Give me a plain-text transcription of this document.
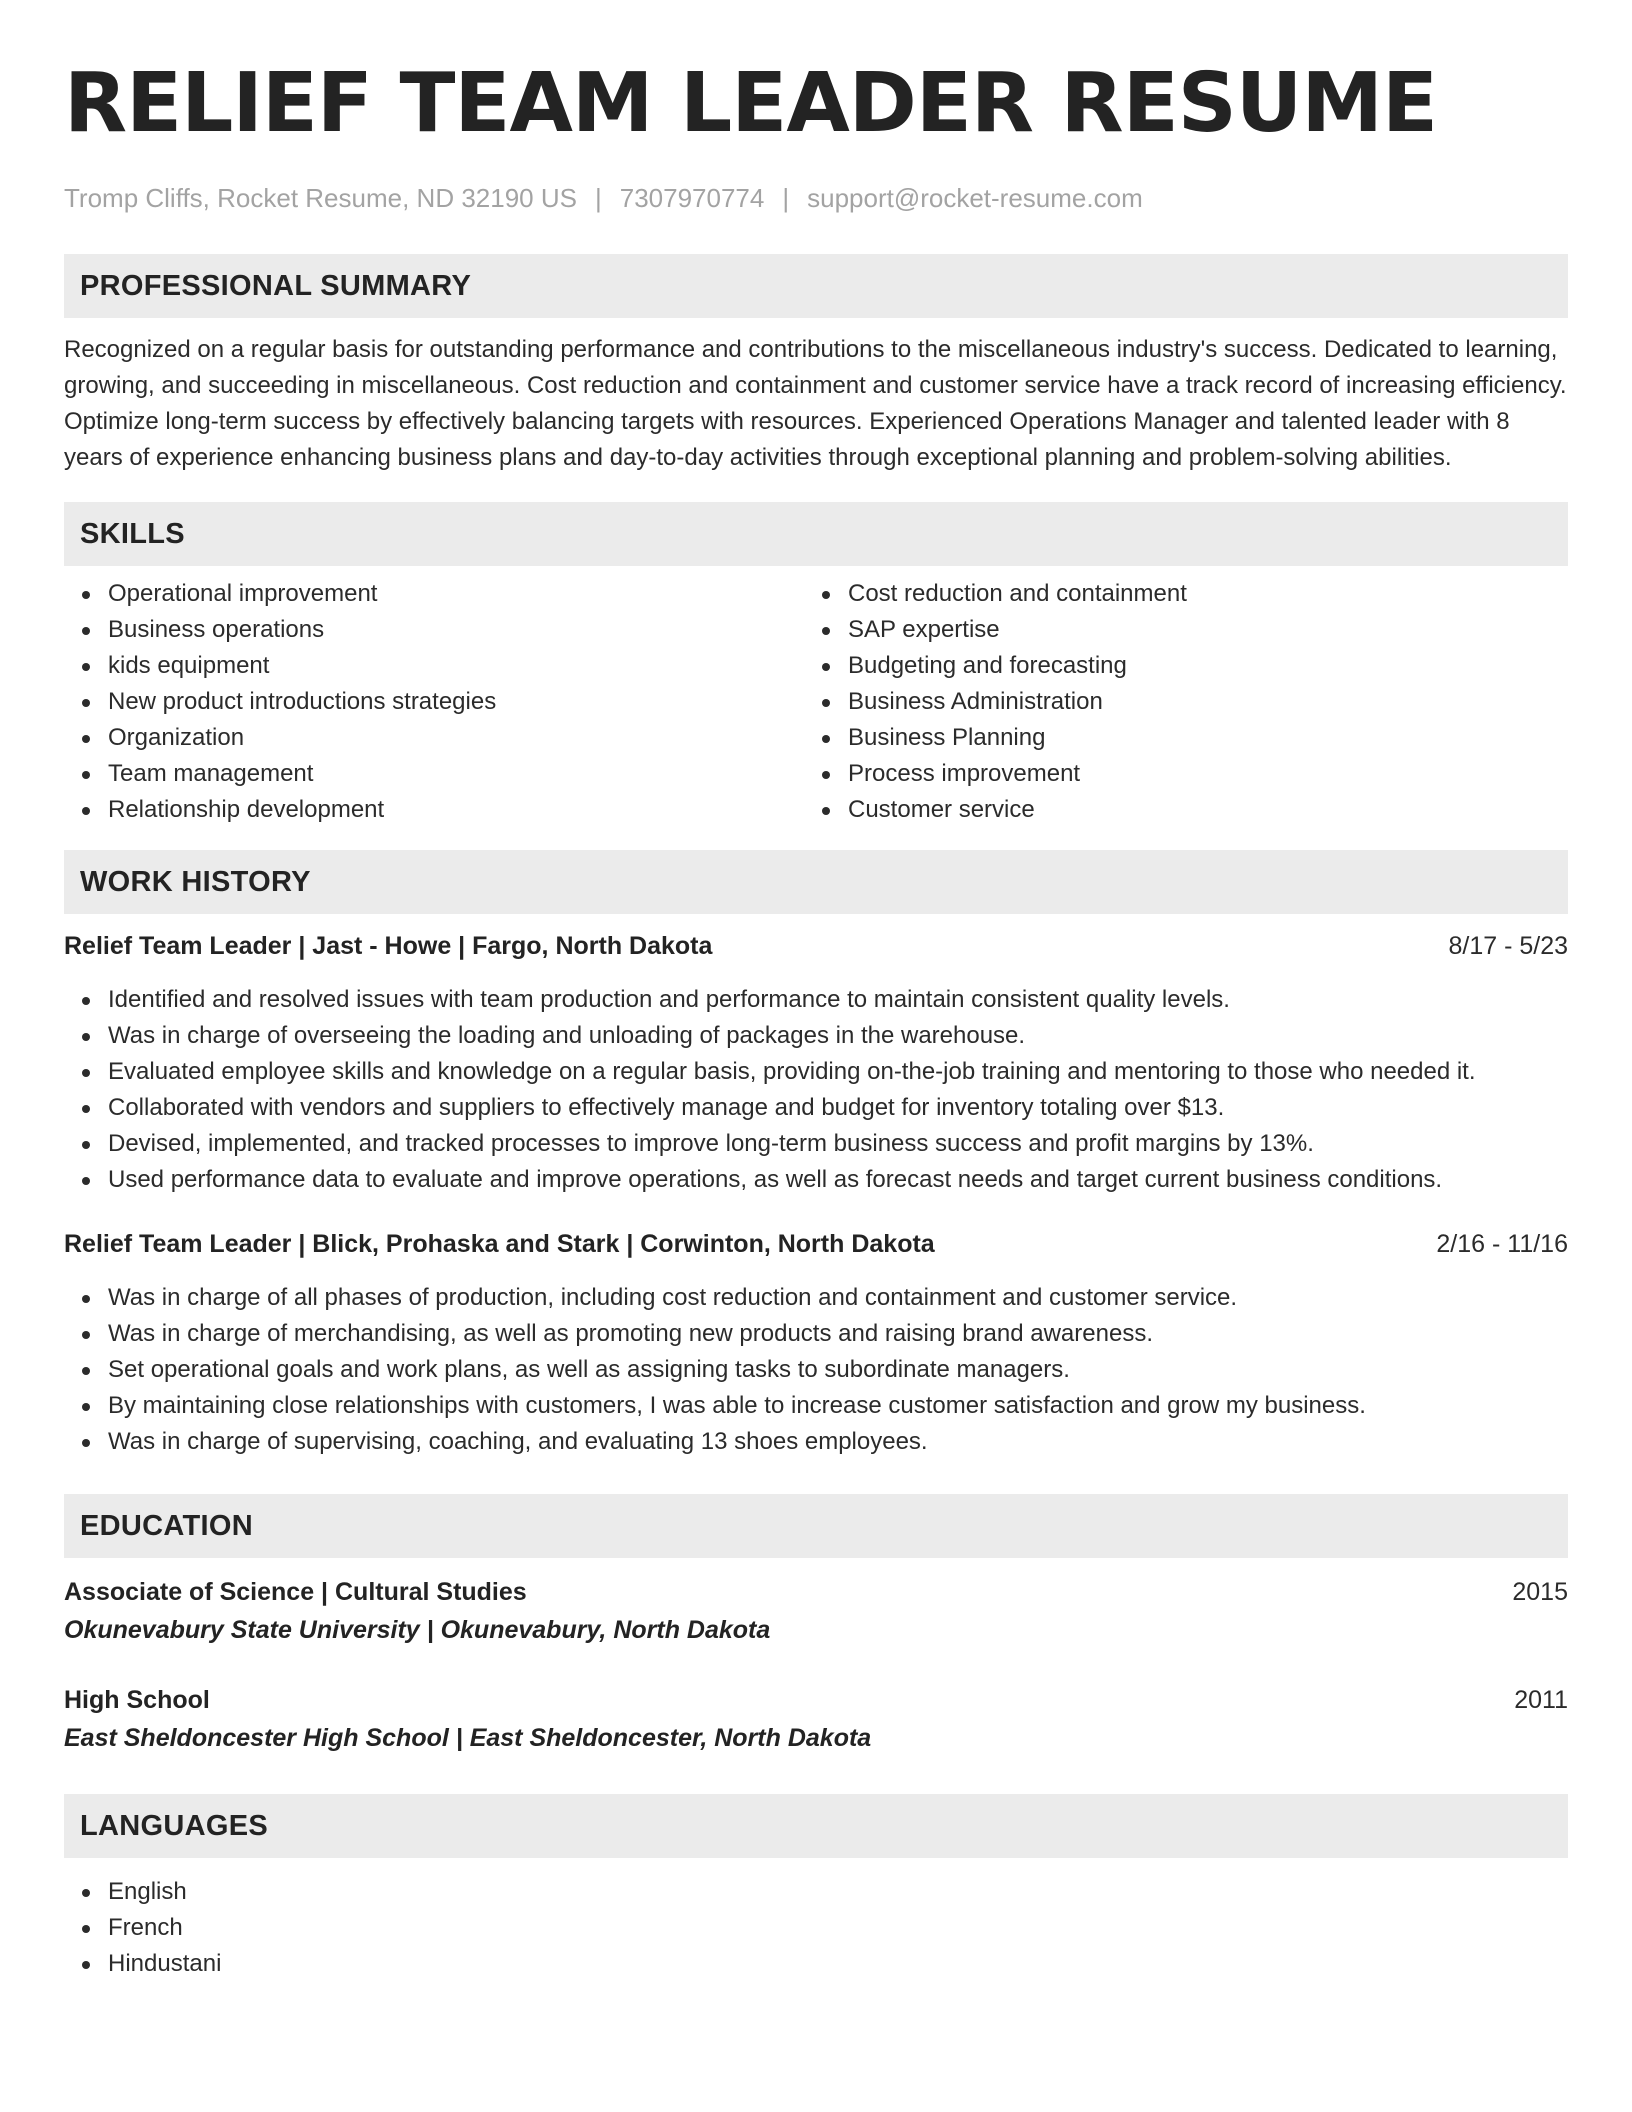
RELIEF TEAM LEADER RESUME
Tromp Cliffs, Rocket Resume, ND 32190 US | 7307970774 | support@rocket-resume.com
PROFESSIONAL SUMMARY
Recognized on a regular basis for outstanding performance and contributions to the miscellaneous industry's success. Dedicated to learning, growing, and succeeding in miscellaneous. Cost reduction and containment and customer service have a track record of increasing efficiency. Optimize long-term success by effectively balancing targets with resources. Experienced Operations Manager and talented leader with 8 years of experience enhancing business plans and day-to-day activities through exceptional planning and problem-solving abilities.
SKILLS
Operational improvement
Business operations
kids equipment
New product introductions strategies
Organization
Team management
Relationship development
Cost reduction and containment
SAP expertise
Budgeting and forecasting
Business Administration
Business Planning
Process improvement
Customer service
WORK HISTORY
Relief Team Leader | Jast - Howe | Fargo, North Dakota	8/17 - 5/23
Identified and resolved issues with team production and performance to maintain consistent quality levels.
Was in charge of overseeing the loading and unloading of packages in the warehouse.
Evaluated employee skills and knowledge on a regular basis, providing on-the-job training and mentoring to those who needed it.
Collaborated with vendors and suppliers to effectively manage and budget for inventory totaling over $13.
Devised, implemented, and tracked processes to improve long-term business success and profit margins by 13%.
Used performance data to evaluate and improve operations, as well as forecast needs and target current business conditions.
Relief Team Leader | Blick, Prohaska and Stark | Corwinton, North Dakota	2/16 - 11/16
Was in charge of all phases of production, including cost reduction and containment and customer service.
Was in charge of merchandising, as well as promoting new products and raising brand awareness.
Set operational goals and work plans, as well as assigning tasks to subordinate managers.
By maintaining close relationships with customers, I was able to increase customer satisfaction and grow my business.
Was in charge of supervising, coaching, and evaluating 13 shoes employees.
EDUCATION
Associate of Science | Cultural Studies	2015
Okunevabury State University | Okunevabury, North Dakota
High School	2011
East Sheldoncester High School | East Sheldoncester, North Dakota
LANGUAGES
English
French
Hindustani
